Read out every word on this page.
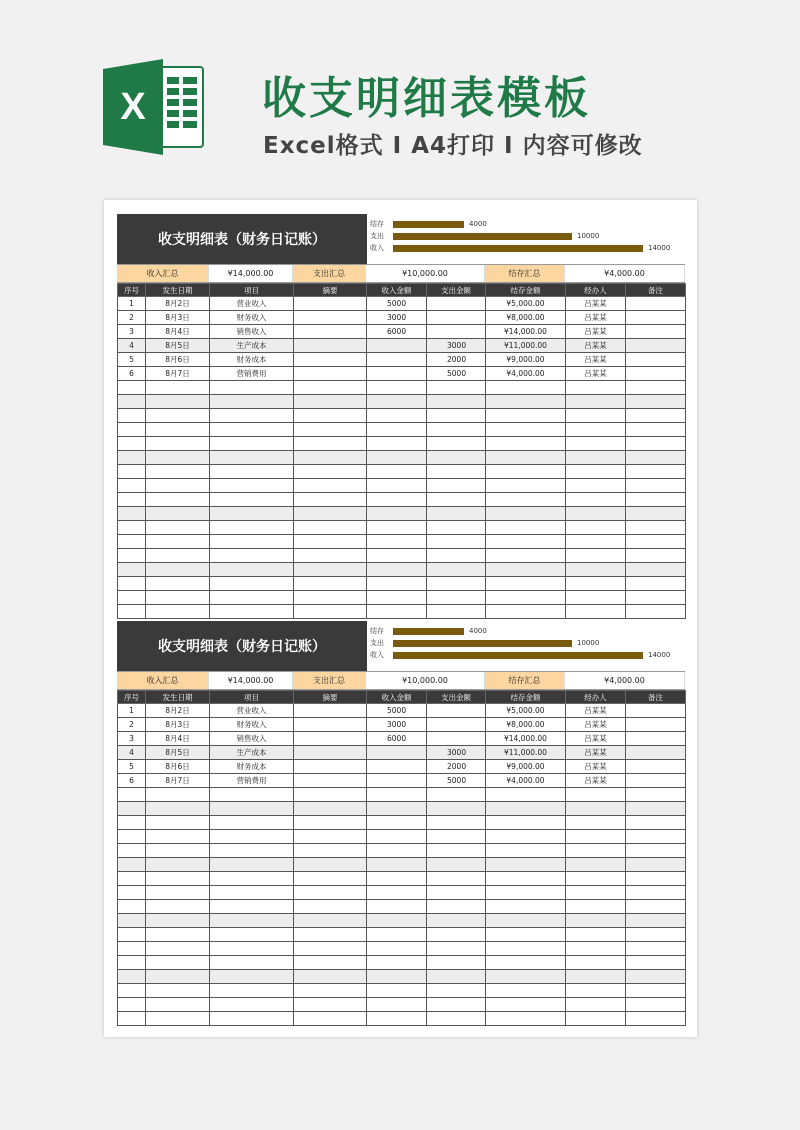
X	收支明细表模板
Excel格式 Ⅰ A4打印 Ⅰ 内容可修改
收支明细表（财务日记账）
结存	4000
支出	10000
收入	14000
收入汇总	¥14,000.00	支出汇总	¥10,000.00	结存汇总	¥4,000.00
序号	发生日期	项目	摘要	收入金额	支出金额	结存金额	经办人	备注
1	8月2日	营业收入		5000		¥5,000.00	吕某某	
2	8月3日	财务收入		3000		¥8,000.00	吕某某	
3	8月4日	销售收入		6000		¥14,000.00	吕某某	
4	8月5日	生产成本			3000	¥11,000.00	吕某某	
5	8月6日	财务成本			2000	¥9,000.00	吕某某	
6	8月7日	营销费用			5000	¥4,000.00	吕某某	

收支明细表（财务日记账）
结存	4000
支出	10000
收入	14000
收入汇总	¥14,000.00	支出汇总	¥10,000.00	结存汇总	¥4,000.00
序号	发生日期	项目	摘要	收入金额	支出金额	结存金额	经办人	备注
1	8月2日	营业收入		5000		¥5,000.00	吕某某	
2	8月3日	财务收入		3000		¥8,000.00	吕某某	
3	8月4日	销售收入		6000		¥14,000.00	吕某某	
4	8月5日	生产成本			3000	¥11,000.00	吕某某	
5	8月6日	财务成本			2000	¥9,000.00	吕某某	
6	8月7日	营销费用			5000	¥4,000.00	吕某某	
